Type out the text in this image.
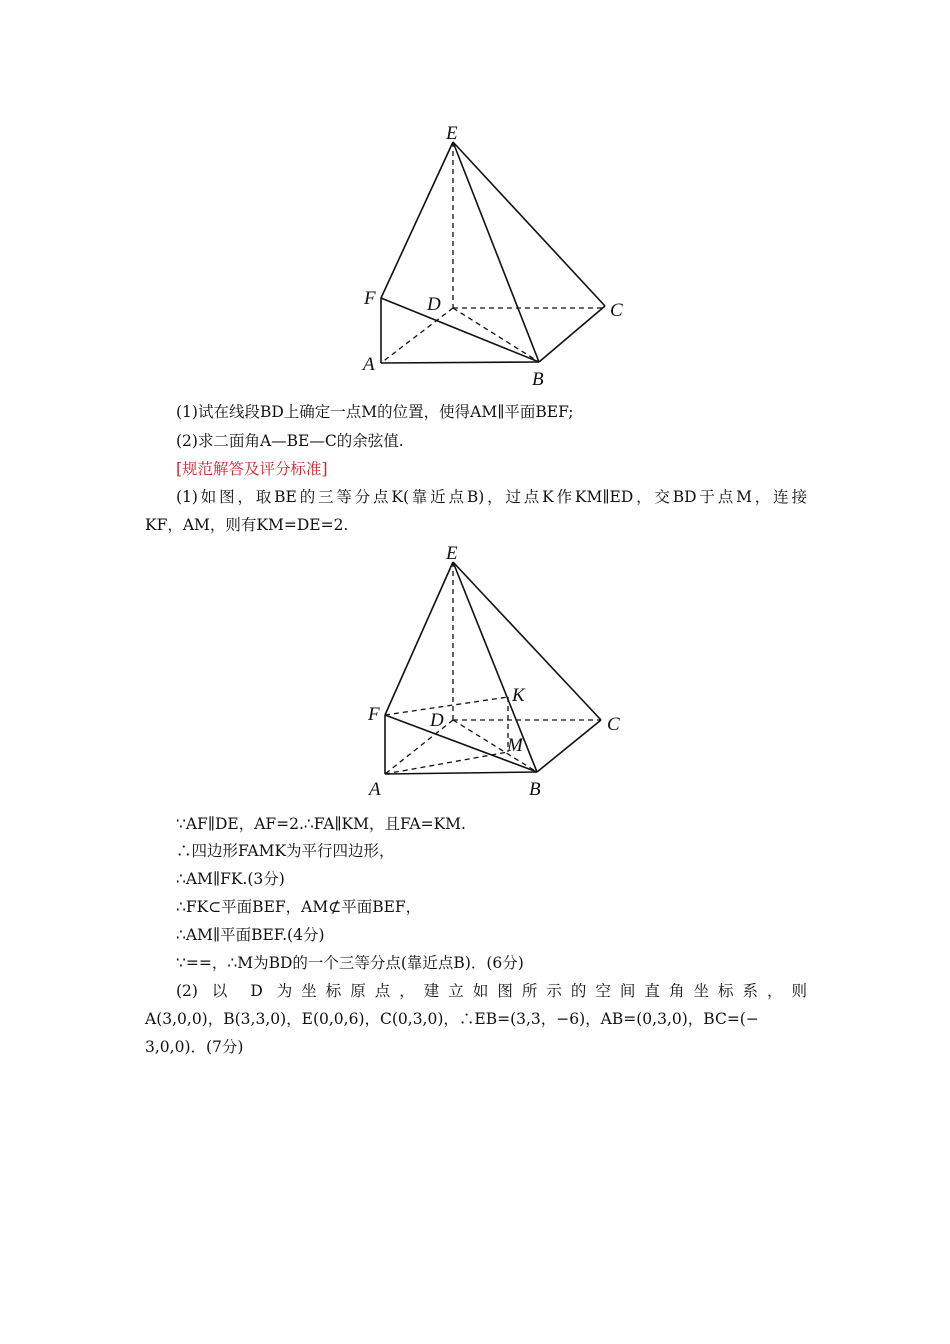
E
F	D	C
A
B
(1)试在线段BD上确定一点M的位置，使得AM∥平面BEF;
(2)求二面角A—BE—C的余弦值.
[规范解答及评分标准]
(1)如图，取BE的三等分点K(靠近点B)，过点K作KM∥ED，交BD于点M，连接
KF，AM，则有KM=DE=2.
E
F	D	C
K
M
A	B
∵AF∥DE，AF=2.∴FA∥KM，且FA=KM.
∴四边形FAMK为平行四边形，
∴AM∥FK.(3分)
∴FK⊂平面BEF，AM⊄平面BEF，
∴AM∥平面BEF.(4分)
∵==，∴M为BD的一个三等分点(靠近点B)．(6分)
(2) 以 D 为坐标原点，建立如图所示的空间直角坐标系，则
A(3,0,0)，B(3,3,0)，E(0,0,6)，C(0,3,0)，∴EB=(3,3，−6)，AB=(0,3,0)，BC=(−
3,0,0)．(7分)
